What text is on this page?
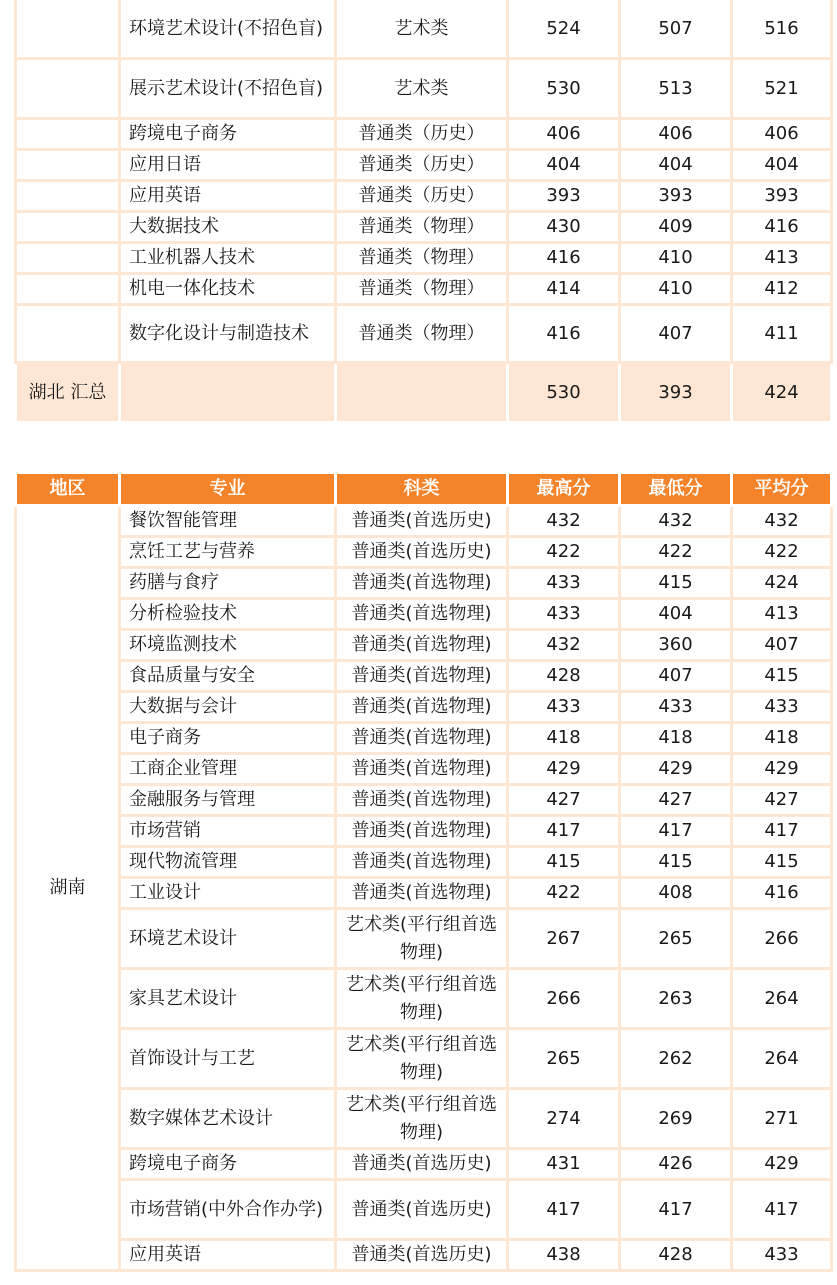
	环境艺术设计(不招色盲)	艺术类	524	507	516
	展示艺术设计(不招色盲)	艺术类	530	513	521
	跨境电子商务	普通类（历史）	406	406	406
	应用日语	普通类（历史）	404	404	404
	应用英语	普通类（历史）	393	393	393
	大数据技术	普通类（物理）	430	409	416
	工业机器人技术	普通类（物理）	416	410	413
	机电一体化技术	普通类（物理）	414	410	412
	数字化设计与制造技术	普通类（物理）	416	407	411
湖北 汇总			530	393	424
地区	专业	科类	最高分	最低分	平均分
湖南	餐饮智能管理	普通类(首选历史)	432	432	432
	烹饪工艺与营养	普通类(首选历史)	422	422	422
	药膳与食疗	普通类(首选物理)	433	415	424
	分析检验技术	普通类(首选物理)	433	404	413
	环境监测技术	普通类(首选物理)	432	360	407
	食品质量与安全	普通类(首选物理)	428	407	415
	大数据与会计	普通类(首选物理)	433	433	433
	电子商务	普通类(首选物理)	418	418	418
	工商企业管理	普通类(首选物理)	429	429	429
	金融服务与管理	普通类(首选物理)	427	427	427
	市场营销	普通类(首选物理)	417	417	417
	现代物流管理	普通类(首选物理)	415	415	415
	工业设计	普通类(首选物理)	422	408	416
	环境艺术设计	艺术类(平行组首选物理)	267	265	266
	家具艺术设计	艺术类(平行组首选物理)	266	263	264
	首饰设计与工艺	艺术类(平行组首选物理)	265	262	264
	数字媒体艺术设计	艺术类(平行组首选物理)	274	269	271
	跨境电子商务	普通类(首选历史)	431	426	429
	市场营销(中外合作办学)	普通类(首选历史)	417	417	417
	应用英语	普通类(首选历史)	438	428	433
